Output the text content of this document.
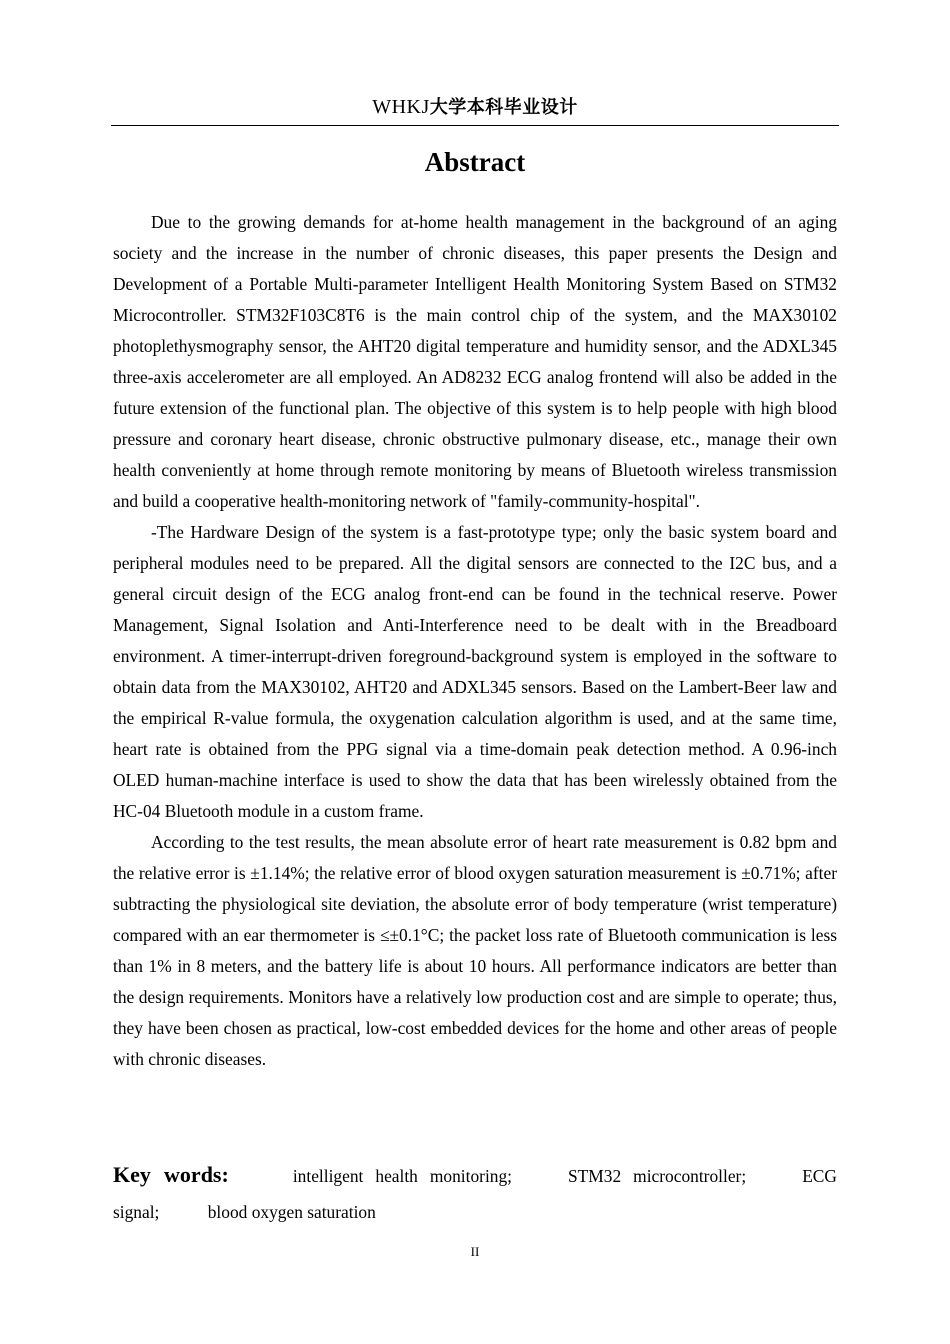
WHKJ大学本科毕业设计
Abstract

Due to the growing demands for at-home health management in the background of an aging society and the increase in the number of chronic diseases, this paper presents the Design and Development of a Portable Multi-parameter Intelligent Health Monitoring System Based on STM32 Microcontroller. STM32F103C8T6 is the main control chip of the system, and the MAX30102 photoplethysmography sensor, the AHT20 digital temperature and humidity sensor, and the ADXL345 three-axis accelerometer are all employed. An AD8232 ECG analog frontend will also be added in the future extension of the functional plan. The objective of this system is to help people with high blood pressure and coronary heart disease, chronic obstructive pulmonary disease, etc., manage their own health conveniently at home through remote monitoring by means of Bluetooth wireless transmission and build a cooperative health-monitoring network of "family-community-hospital".

-The Hardware Design of the system is a fast-prototype type; only the basic system board and peripheral modules need to be prepared. All the digital sensors are connected to the I2C bus, and a general circuit design of the ECG analog front-end can be found in the technical reserve. Power Management, Signal Isolation and Anti-Interference need to be dealt with in the Breadboard environment. A timer-interrupt-driven foreground-background system is employed in the software to obtain data from the MAX30102, AHT20 and ADXL345 sensors. Based on the Lambert-Beer law and the empirical R-value formula, the oxygenation calculation algorithm is used, and at the same time, heart rate is obtained from the PPG signal via a time-domain peak detection method. A 0.96-inch OLED human-machine interface is used to show the data that has been wirelessly obtained from the HC-04 Bluetooth module in a custom frame.

According to the test results, the mean absolute error of heart rate measurement is 0.82 bpm and the relative error is ±1.14%; the relative error of blood oxygen saturation measurement is ±0.71%; after subtracting the physiological site deviation, the absolute error of body temperature (wrist temperature) compared with an ear thermometer is ≤±0.1°C; the packet loss rate of Bluetooth communication is less than 1% in 8 meters, and the battery life is about 10 hours. All performance indicators are better than the design requirements. Monitors have a relatively low production cost and are simple to operate; thus, they have been chosen as practical, low-cost embedded devices for the home and other areas of people with chronic diseases.

Key words:	intelligent health monitoring;	STM32 microcontroller;	ECG signal;	blood oxygen saturation
II
